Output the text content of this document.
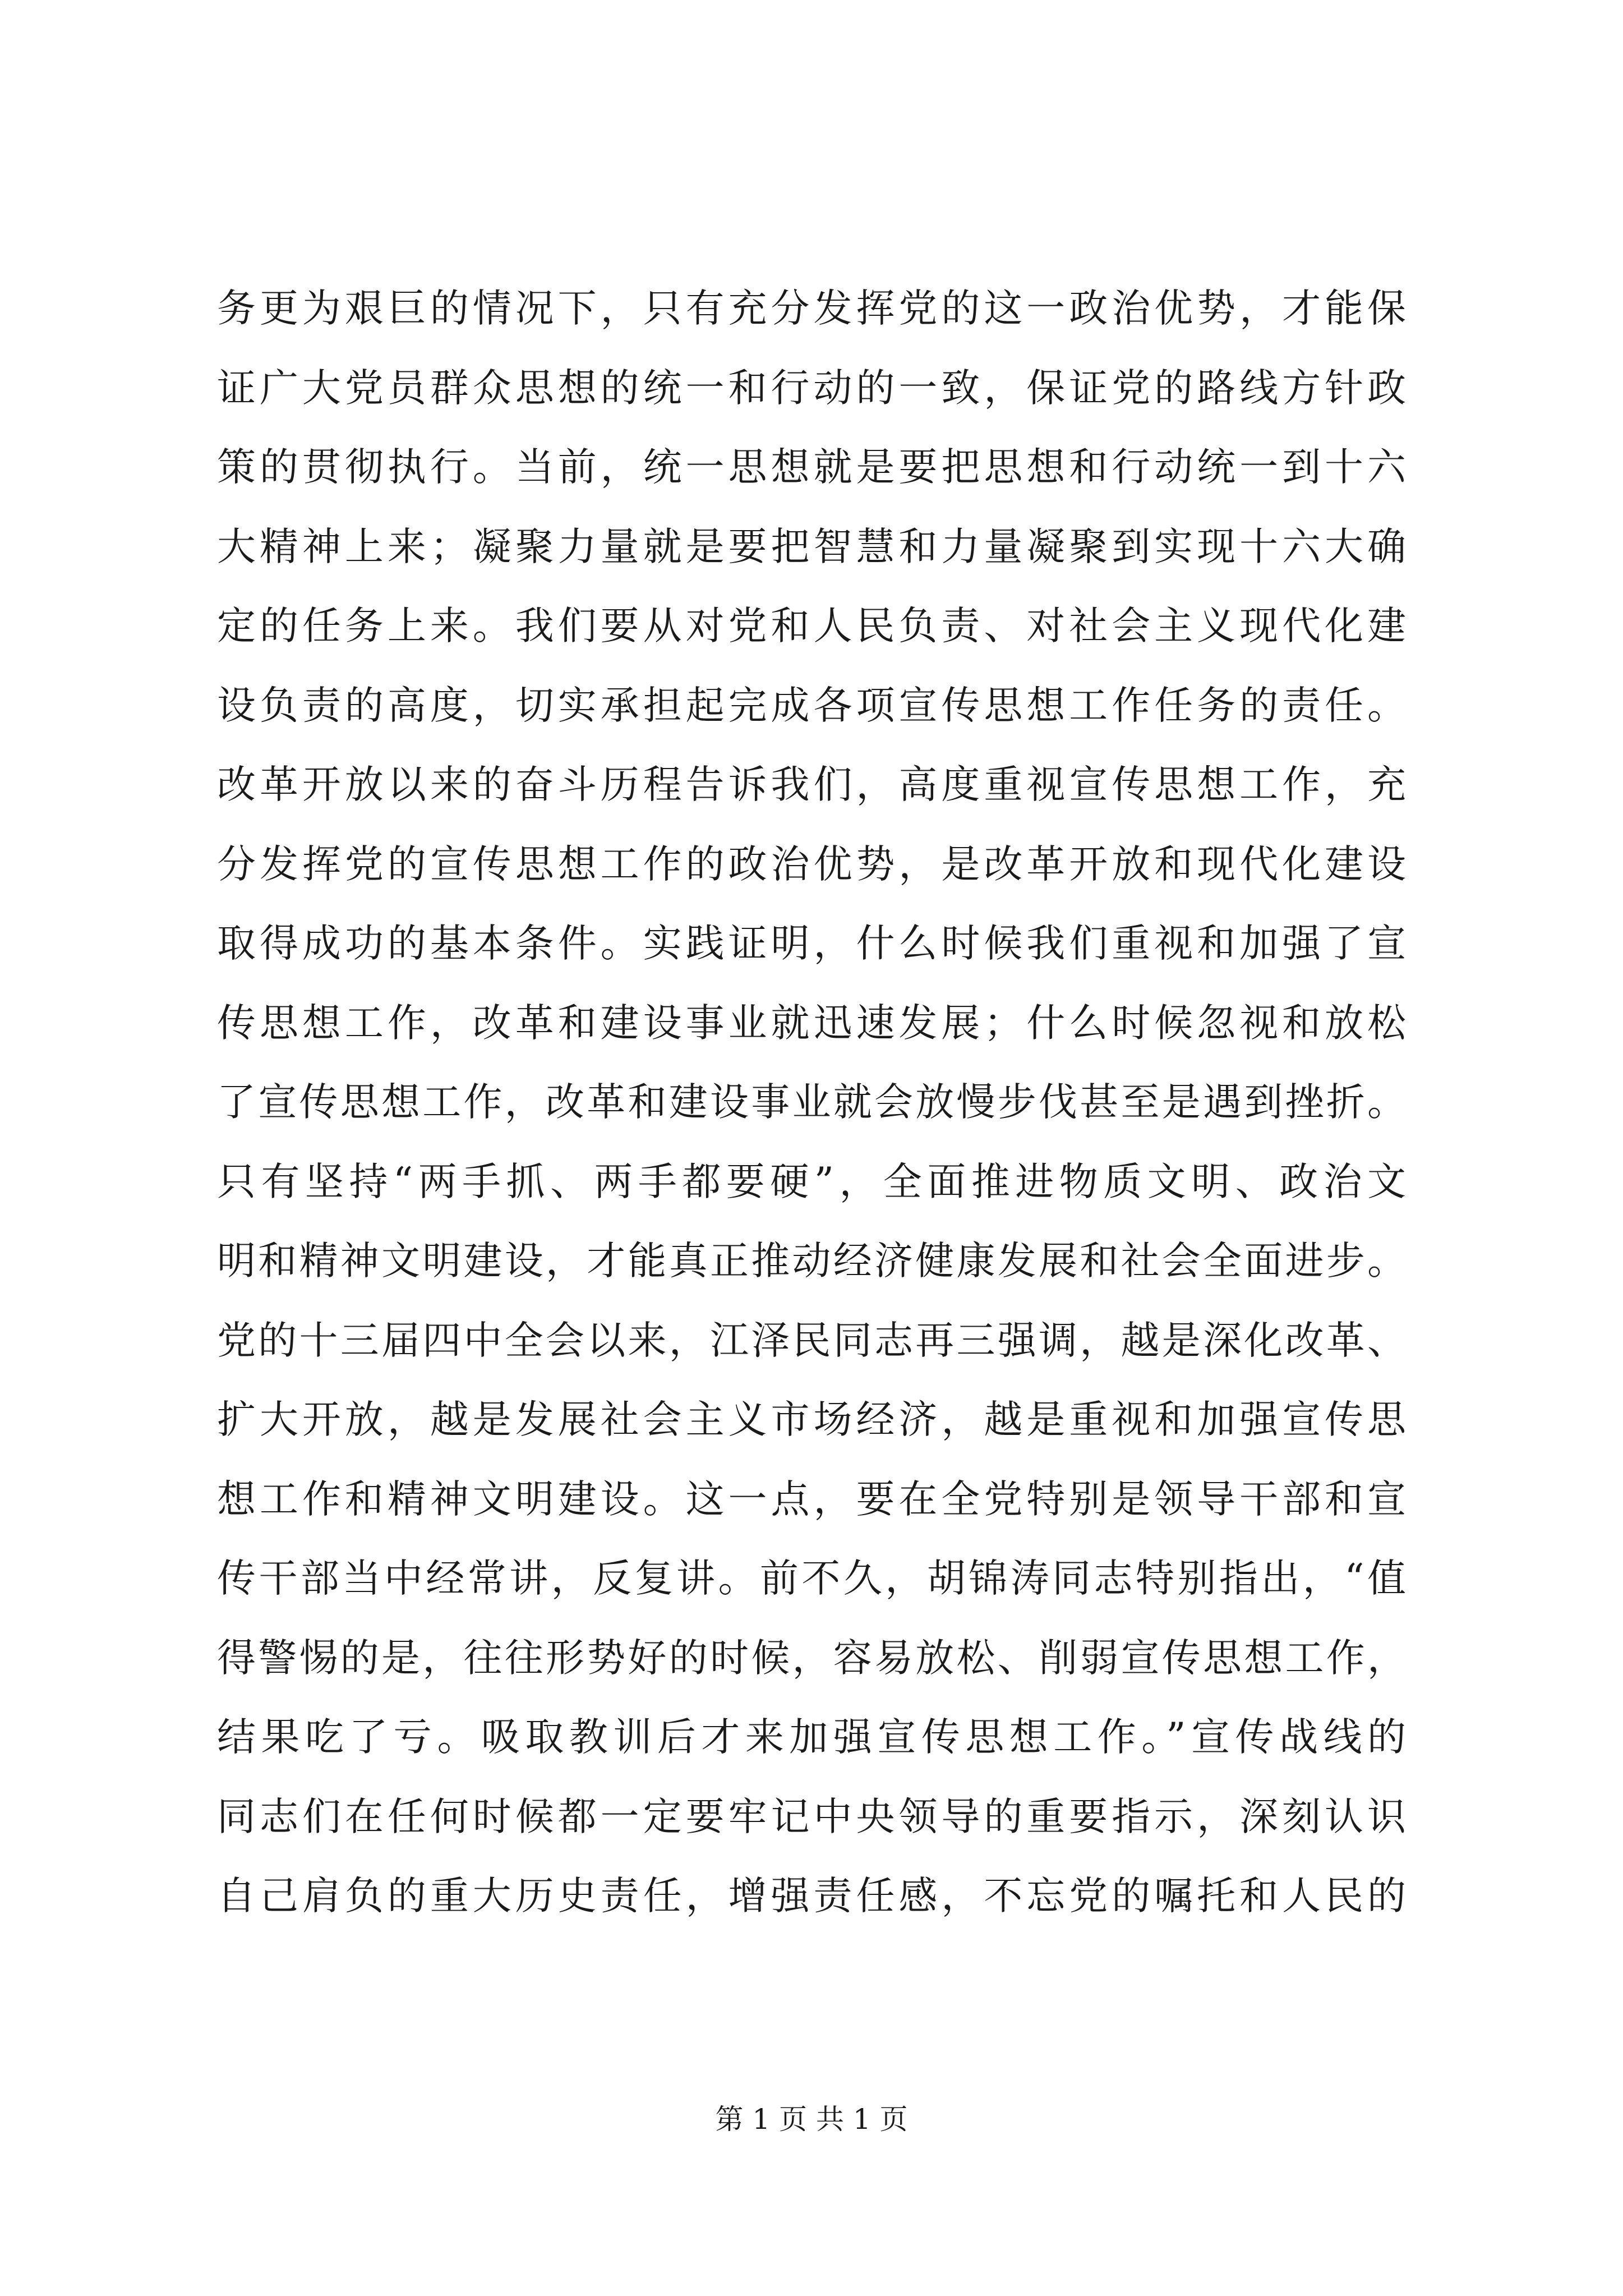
务更为艰巨的情况下，只有充分发挥党的这一政治优势，才能保
证广大党员群众思想的统一和行动的一致，保证党的路线方针政
策的贯彻执行。当前，统一思想就是要把思想和行动统一到十六
大精神上来；凝聚力量就是要把智慧和力量凝聚到实现十六大确
定的任务上来。我们要从对党和人民负责、对社会主义现代化建
设负责的高度，切实承担起完成各项宣传思想工作任务的责任。
改革开放以来的奋斗历程告诉我们，高度重视宣传思想工作，充
分发挥党的宣传思想工作的政治优势，是改革开放和现代化建设
取得成功的基本条件。实践证明，什么时候我们重视和加强了宣
传思想工作，改革和建设事业就迅速发展；什么时候忽视和放松
了宣传思想工作，改革和建设事业就会放慢步伐甚至是遇到挫折。
只有坚持“两手抓、两手都要硬”，全面推进物质文明、政治文
明和精神文明建设，才能真正推动经济健康发展和社会全面进步。
党的十三届四中全会以来，江泽民同志再三强调，越是深化改革、
扩大开放，越是发展社会主义市场经济，越是重视和加强宣传思
想工作和精神文明建设。这一点，要在全党特别是领导干部和宣
传干部当中经常讲，反复讲。前不久，胡锦涛同志特别指出，“值
得警惕的是，往往形势好的时候，容易放松、削弱宣传思想工作，
结果吃了亏。吸取教训后才来加强宣传思想工作。”宣传战线的
同志们在任何时候都一定要牢记中央领导的重要指示，深刻认识
自己肩负的重大历史责任，增强责任感，不忘党的嘱托和人民的
第 1 页 共 1 页
